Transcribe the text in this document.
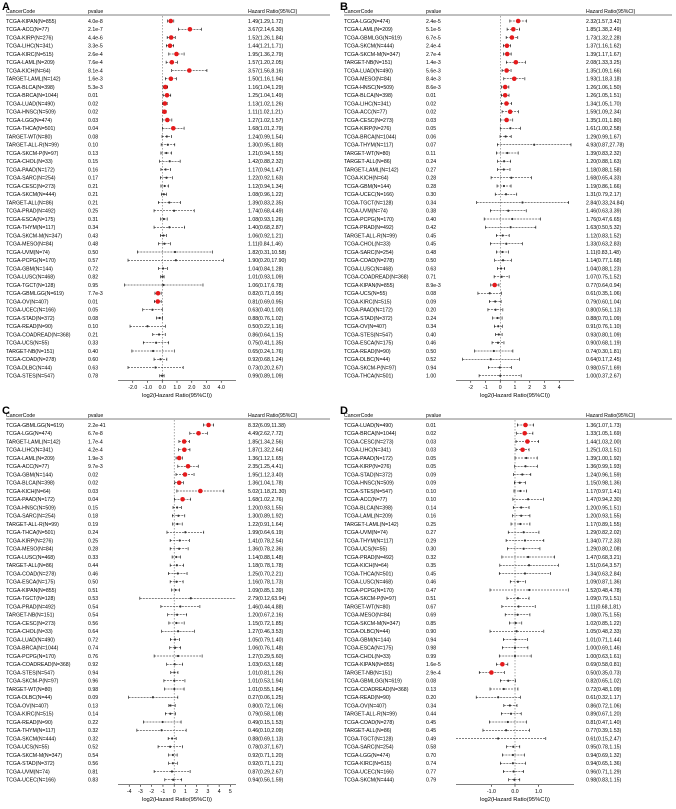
A
CancerCode	pvalue	Hazard Ratio(95%CI)
TCGA-KIPAN(N=855)	4.0e-8	1.49(1.29,1.72)
TCGA-ACC(N=77)	2.1e-7	3.67(2.14,6.30)
TCGA-KIRP(N=276)	4.4e-6	1.52(1.26,1.84)
TCGA-LIHC(N=341)	3.3e-5	1.44(1.21,1.71)
TCGA-KIRC(N=515)	2.6e-4	1.95(1.36,2.79)
TCGA-LAML(N=209)	7.6e-4	1.57(1.20,2.05)
TCGA-KICH(N=64)	8.1e-4	3.57(1.56,8.16)
TARGET-LAML(N=142)	1.6e-3	1.50(1.16,1.94)
TCGA-BLCA(N=398)	5.3e-3	1.16(1.04,1.29)
TCGA-BRCA(N=1044)	0.01	1.25(1.04,1.49)
TCGA-LUAD(N=490)	0.02	1.13(1.02,1.26)
TCGA-HNSC(N=509)	0.02	1.11(1.02,1.21)
TCGA-LGG(N=474)	0.03	1.27(1.02,1.57)
TCGA-THCA(N=501)	0.04	1.68(1.01,2.79)
TARGET-WT(N=80)	0.08	1.24(0.99,1.54)
TARGET-ALL-R(N=99)	0.10	1.30(0.95,1.80)
TCGA-SKCM-P(N=97)	0.13	1.21(0.94,1.55)
TCGA-CHOL(N=33)	0.15	1.42(0.88,2.32)
TCGA-PAAD(N=172)	0.16	1.17(0.94,1.47)
TCGA-SARC(N=254)	0.17	1.22(0.92,1.63)
TCGA-CESC(N=273)	0.21	1.12(0.94,1.34)
TCGA-SKCM(N=444)	0.21	1.08(0.96,1.22)
TARGET-ALL(N=86)	0.21	1.39(0.83,2.35)
TCGA-PRAD(N=492)	0.25	1.74(0.68,4.49)
TCGA-ESCA(N=175)	0.31	1.08(0.93,1.26)
TCGA-THYM(N=117)	0.34	1.40(0.68,2.87)
TCGA-SKCM-M(N=347)	0.43	1.06(0.92,1.21)
TCGA-MESO(N=84)	0.48	1.11(0.84,1.46)
TCGA-UVM(N=74)	0.50	1.82(0.31,10.58)
TCGA-PCPG(N=170)	0.57	1.90(0.20,17.90)
TCGA-GBM(N=144)	0.72	1.04(0.84,1.28)
TCGA-LUSC(N=468)	0.82	1.01(0.93,1.09)
TCGA-TGCT(N=128)	0.95	1.06(0.17,6.78)
TCGA-GBMLGG(N=619)	7.7e-3	0.82(0.71,0.95)
TCGA-OV(N=407)	0.01	0.81(0.69,0.95)
TCGA-UCEC(N=166)	0.05	0.63(0.40,1.00)
TCGA-STAD(N=372)	0.08	0.88(0.76,1.02)
TCGA-READ(N=90)	0.10	0.50(0.22,1.16)
TCGA-COADREAD(N=368)	0.21	0.86(0.64,1.15)
TCGA-UCS(N=55)	0.33	0.75(0.41,1.35)
TARGET-NB(N=151)	0.40	0.65(0.24,1.76)
TCGA-COAD(N=278)	0.60	0.92(0.68,1.24)
TCGA-DLBC(N=44)	0.63	0.73(0.20,2.67)
TCGA-STES(N=547)	0.78	0.99(0.89,1.09)
-2.0 -1.0 0.0 1.0 2.0 3.0 4.0
log2(Hazard Ratio(95%CI))
B
CancerCode	pvalue	Hazard Ratio(95%CI)
TCGA-LGG(N=474)	2.4e-5	2.32(1.57,3.42)
TCGA-LAML(N=209)	5.1e-5	1.85(1.38,2.49)
TCGA-GBMLGG(N=619)	6.7e-5	1.73(1.32,2.28)
TCGA-SKCM(N=444)	2.4e-4	1.37(1.16,1.62)
TCGA-SKCM-M(N=347)	2.7e-4	1.39(1.17,1.67)
TARGET-NB(N=151)	1.4e-3	2.08(1.33,3.25)
TCGA-LUAD(N=490)	5.6e-3	1.35(1.09,1.66)
TCGA-MESO(N=84)	8.4e-3	1.93(1.18,3.18)
TCGA-HNSC(N=509)	8.6e-3	1.26(1.06,1.50)
TCGA-BLCA(N=398)	0.01	1.26(1.05,1.51)
TCGA-LIHC(N=341)	0.02	1.34(1.05,1.70)
TCGA-ACC(N=77)	0.02	1.59(1.09,2.34)
TCGA-CESC(N=273)	0.03	1.35(1.01,1.80)
TCGA-KIRP(N=276)	0.05	1.61(1.00,2.58)
TCGA-BRCA(N=1044)	0.06	1.29(0.99,1.67)
TCGA-THYM(N=117)	0.07	4.93(0.87,27.78)
TARGET-WT(N=80)	0.11	1.39(0.83,2.32)
TARGET-ALL(N=86)	0.24	1.20(0.88,1.63)
TARGET-LAML(N=142)	0.27	1.18(0.88,1.58)
TCGA-KICH(N=64)	0.28	1.68(0.65,4.33)
TCGA-GBM(N=144)	0.28	1.19(0.86,1.66)
TCGA-UCEC(N=166)	0.30	1.31(0.79,2.17)
TCGA-TGCT(N=128)	0.34	2.84(0.33,24.84)
TCGA-UVM(N=74)	0.38	1.46(0.63,3.39)
TCGA-PCPG(N=170)	0.40	1.76(0.47,6.65)
TCGA-PRAD(N=492)	0.42	1.63(0.50,5.32)
TARGET-ALL-R(N=99)	0.45	1.12(0.83,1.52)
TCGA-CHOL(N=33)	0.45	1.33(0.63,2.83)
TCGA-SARC(N=254)	0.48	1.11(0.83,1.48)
TCGA-COAD(N=278)	0.50	1.14(0.77,1.68)
TCGA-LUSC(N=468)	0.63	1.04(0.88,1.23)
TCGA-COADREAD(N=368)	0.71	1.07(0.75,1.52)
TCGA-KIPAN(N=855)	8.9e-3	0.77(0.64,0.94)
TCGA-UCS(N=55)	0.08	0.61(0.35,1.06)
TCGA-KIRC(N=515)	0.09	0.79(0.60,1.04)
TCGA-PAAD(N=172)	0.20	0.80(0.56,1.13)
TCGA-STAD(N=372)	0.24	0.88(0.70,1.09)
TCGA-OV(N=407)	0.34	0.91(0.76,1.10)
TCGA-STES(N=547)	0.40	0.93(0.80,1.09)
TCGA-ESCA(N=175)	0.46	0.90(0.68,1.19)
TCGA-READ(N=90)	0.50	0.74(0.30,1.81)
TCGA-DLBC(N=44)	0.52	0.64(0.17,2.45)
TCGA-SKCM-P(N=97)	0.94	0.98(0.57,1.69)
TCGA-THCA(N=501)	1.00	1.00(0.37,2.67)
-2 -1 0 1 2 3 4
log2(Hazard Ratio(95%CI))
C
CancerCode	pvalue	Hazard Ratio(95%CI)
TCGA-GBMLGG(N=619)	2.2e-41	8.32(6.09,11.38)
TCGA-LGG(N=474)	6.7e-8	4.49(2.62,7.72)
TARGET-LAML(N=142)	1.7e-4	1.85(1.34,2.56)
TCGA-LIHC(N=341)	4.2e-4	1.87(1.32,2.64)
TCGA-LAML(N=209)	1.9e-3	1.36(1.12,1.65)
TCGA-ACC(N=77)	9.7e-3	2.35(1.25,4.41)
TCGA-GBM(N=144)	0.02	1.95(1.12,3.40)
TCGA-BLCA(N=398)	0.02	1.36(1.04,1.78)
TCGA-KICH(N=64)	0.03	5.02(1.18,21.30)
TCGA-PAAD(N=172)	0.04	1.68(1.02,2.76)
TCGA-HNSC(N=509)	0.15	1.20(0.93,1.55)
TCGA-SARC(N=254)	0.18	1.30(0.89,1.92)
TARGET-ALL-R(N=99)	0.19	1.22(0.91,1.64)
TCGA-THCA(N=501)	0.24	1.99(0.64,6.19)
TCGA-KIRP(N=276)	0.25	1.41(0.78,2.54)
TCGA-MESO(N=84)	0.28	1.36(0.78,2.36)
TCGA-LUSC(N=468)	0.33	1.14(0.88,1.48)
TARGET-ALL(N=86)	0.44	1.18(0.78,1.78)
TCGA-COAD(N=278)	0.46	1.25(0.70,2.21)
TCGA-ESCA(N=175)	0.50	1.16(0.78,1.73)
TCGA-KIPAN(N=855)	0.51	1.09(0.85,1.39)
TCGA-TGCT(N=128)	0.53	2.79(0.12,63.94)
TCGA-PRAD(N=492)	0.54	1.46(0.44,4.88)
TARGET-NB(N=151)	0.54	1.20(0.67,2.16)
TCGA-CESC(N=273)	0.56	1.15(0.72,1.85)
TCGA-CHOL(N=33)	0.64	1.27(0.46,3.53)
TCGA-LUAD(N=490)	0.72	1.05(0.79,1.40)
TCGA-BRCA(N=1044)	0.74	1.06(0.76,1.48)
TCGA-PCPG(N=170)	0.76	1.27(0.29,5.60)
TCGA-COADREAD(N=368)	0.92	1.03(0.63,1.68)
TCGA-STES(N=547)	0.94	1.01(0.81,1.26)
TCGA-SKCM-P(N=97)	0.96	1.01(0.53,1.94)
TARGET-WT(N=80)	0.98	1.01(0.55,1.84)
TCGA-DLBC(N=44)	0.09	0.27(0.06,1.25)
TCGA-OV(N=407)	0.13	0.80(0.72,1.06)
TCGA-KIRC(N=515)	0.14	0.79(0.58,1.08)
TCGA-READ(N=90)	0.22	0.49(0.15,1.53)
TCGA-THYM(N=117)	0.32	0.46(0.10,2.09)
TCGA-SKCM(N=444)	0.32	0.88(0.69,1.13)
TCGA-UCS(N=55)	0.52	0.78(0.37,1.67)
TCGA-SKCM-M(N=347)	0.54	0.92(0.71,1.20)
TCGA-STAD(N=372)	0.56	0.92(0.71,1.21)
TCGA-UVM(N=74)	0.81	0.87(0.29,2.67)
TCGA-UCEC(N=166)	0.83	0.94(0.56,1.59)
-4 -3 -2 -1 0 1 2 3 4 5
log2(Hazard Ratio(95%CI))
D
CancerCode	pvalue	Hazard Ratio(95%CI)
TCGA-LUAD(N=490)	0.01	1.36(1.07,1.73)
TCGA-BRCA(N=1044)	0.02	1.33(1.05,1.69)
TCGA-CESC(N=273)	0.03	1.44(1.03,2.00)
TCGA-LIHC(N=341)	0.03	1.25(1.03,1.51)
TCGA-PAAD(N=172)	0.05	1.39(1.00,1.92)
TCGA-KIRP(N=276)	0.05	1.36(0.99,1.93)
TCGA-STAD(N=372)	0.09	1.24(0.96,1.59)
TCGA-HNSC(N=509)	0.09	1.15(0.98,1.36)
TCGA-STES(N=547)	0.10	1.17(0.97,1.41)
TCGA-ACC(N=77)	0.10	1.47(0.94,2.30)
TCGA-BLCA(N=398)	0.14	1.20(0.95,1.51)
TCGA-LAML(N=209)	0.16	1.20(0.93,1.55)
TARGET-LAML(N=142)	0.25	1.17(0.89,1.55)
TCGA-UVM(N=74)	0.27	1.29(0.82,2.02)
TCGA-THYM(N=117)	0.29	1.34(0.77,2.33)
TCGA-UCS(N=55)	0.30	1.29(0.80,2.08)
TCGA-PRAD(N=492)	0.32	1.47(0.68,3.21)
TCGA-KICH(N=64)	0.35	1.51(0.64,3.57)
TCGA-THCA(N=501)	0.45	1.34(0.63,2.84)
TCGA-LUSC(N=468)	0.46	1.09(0.87,1.36)
TCGA-PCPG(N=170)	0.47	1.52(0.48,4.78)
TCGA-SKCM-P(N=97)	0.51	1.09(0.79,1.51)
TARGET-WT(N=80)	0.67	1.11(0.68,1.81)
TCGA-MESO(N=84)	0.69	1.08(0.75,1.55)
TCGA-SKCM-M(N=347)	0.85	1.02(0.85,1.22)
TCGA-DLBC(N=44)	0.90	1.05(0.48,2.33)
TCGA-GBM(N=144)	0.94	1.01(0.71,1.44)
TCGA-ESCA(N=175)	0.98	1.00(0.69,1.46)
TCGA-CHOL(N=33)	0.99	1.00(0.63,1.61)
TCGA-KIPAN(N=855)	1.6e-5	0.69(0.58,0.81)
TARGET-NB(N=151)	2.9e-4	0.50(0.35,0.73)
TCGA-GBMLGG(N=619)	0.08	0.82(0.65,1.02)
TCGA-COADREAD(N=368)	0.13	0.72(0.48,1.09)
TCGA-READ(N=90)	0.20	0.61(0.32,1.17)
TCGA-OV(N=407)	0.34	0.86(0.72,1.06)
TARGET-ALL-R(N=99)	0.44	0.89(0.67,1.20)
TCGA-COAD(N=278)	0.45	0.81(0.47,1.40)
TARGET-ALL(N=86)	0.45	0.77(0.39,1.53)
TCGA-TGCT(N=128)	0.49	0.61(0.15,2.47)
TCGA-SARC(N=254)	0.58	0.95(0.78,1.15)
TCGA-LGG(N=474)	0.70	0.94(0.69,1.32)
TCGA-KIRC(N=515)	0.74	0.94(0.65,1.36)
TCGA-UCEC(N=166)	0.77	0.96(0.71,1.29)
TCGA-SKCM(N=444)	0.79	0.98(0.83,1.15)
-1.0	0.0	1.0
log2(Hazard Ratio(95%CI))
